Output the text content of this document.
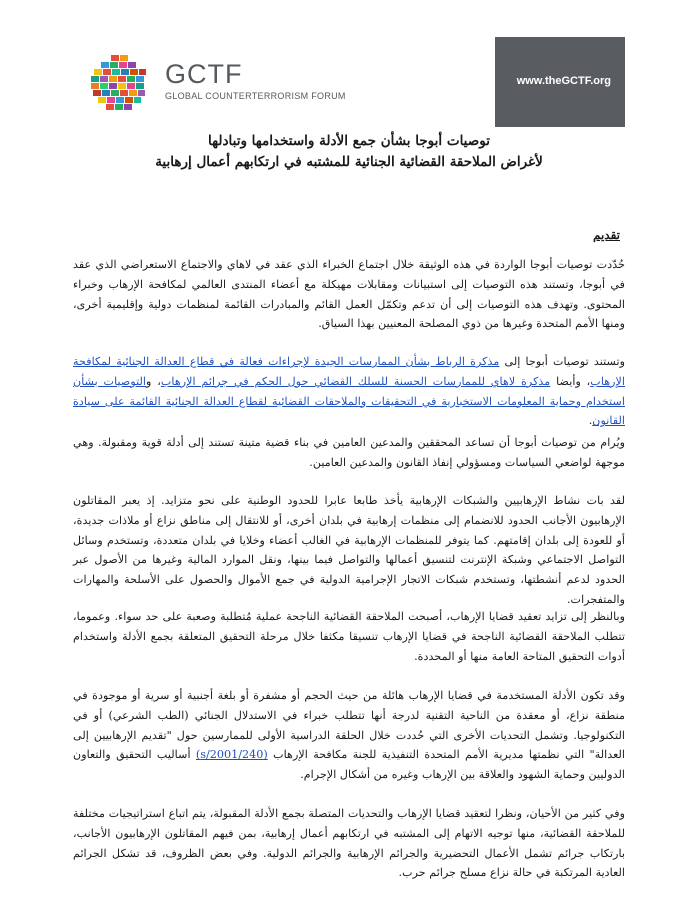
GCTF
GLOBAL COUNTERTERRORISM FORUM
www.theGCTF.org
توصيات أبوجا بشأن جمع الأدلة واستخدامها وتبادلها
لأغراض الملاحقة القضائية الجنائية للمشتبه في ارتكابهم أعمال إرهابية
تقديم

حُدّدت توصيات أبوجا الواردة في هذه الوثيقة خلال اجتماع الخبراء الذي عقد في لاهاي والاجتماع الاستعراضي الذي عقد في أبوجا، وتستند هذه التوصيات إلى استبيانات ومقابلات مهيكلة مع أعضاء المنتدى العالمي لمكافحة الإرهاب وخبراء المحتوى. وتهدف هذه التوصيات إلى أن تدعم وتكمّل العمل القائم والمبادرات القائمة لمنظمات دولية وإقليمية أخرى، ومنها الأمم المتحدة وغيرها من ذوي المصلحة المعنيين بهذا السياق.

وتستند توصيات أبوجا إلى مذكرة الرباط بشأن الممارسات الجيدة لإجراءات فعالة في قطاع العدالة الجنائية لمكافحة الإرهاب، وأيضا مذكرة لاهاي للممارسات الحسنة للسلك القضائي حول الحكم في جرائم الإرهاب، والتوصيات بشأن استخدام وحماية المعلومات الاستخبارية في التحقيقات والملاحقات القضائية لقطاع العدالة الجنائية القائمة على سيادة القانون.

ويُرام من توصيات أبوجا أن تساعد المحققين والمدعين العامين في بناء قضية متينة تستند إلى أدلة قوية ومقبولة. وهي موجهة لواضعي السياسات ومسؤولي إنفاذ القانون والمدعين العامين.

لقد بات نشاط الإرهابيين والشبكات الإرهابية يأخذ طابعا عابرا للحدود الوطنية على نحو متزايد. إذ يعبر المقاتلون الإرهابيون الأجانب الحدود للانضمام إلى منظمات إرهابية في بلدان أخرى، أو للانتقال إلى مناطق نزاع أو ملاذات جديدة، أو للعودة إلى بلدان إقامتهم. كما يتوفر للمنظمات الإرهابية في الغالب أعضاء وخلايا في بلدان متعددة، وتستخدم وسائل التواصل الاجتماعي وشبكة الإنترنت لتنسيق أعمالها والتواصل فيما بينها، ونقل الموارد المالية وغيرها من الأصول عبر الحدود لدعم أنشطتها، وتستخدم شبكات الاتجار الإجرامية الدولية في جمع الأموال والحصول على الأسلحة والمهارات والمتفجرات.

وبالنظر إلى تزايد تعقيد قضايا الإرهاب، أصبحت الملاحقة القضائية الناجحة عملية مُتطلبة وصعبة على حد سواء. وعموما، تتطلب الملاحقة القضائية الناجحة في قضايا الإرهاب تنسيقا مكثفا خلال مرحلة التحقيق المتعلقة بجمع الأدلة واستخدام أدوات التحقيق المتاحة العامة منها أو المحددة.

وقد تكون الأدلة المستخدمة في قضايا الإرهاب هائلة من حيث الحجم أو مشفرة أو بلغة أجنبية أو سرية أو موجودة في منطقة نزاع، أو معقدة من الناحية التقنية لدرجة أنها تتطلب خبراء في الاستدلال الجنائي (الطب الشرعي) أو في التكنولوجيا. وتشمل التحديات الأخرى التي حُددت خلال الحلقة الدراسية الأولى للممارسين حول "تقديم الإرهابيين إلى العدالة" التي نظمتها مديرية الأمم المتحدة التنفيذية للجنة مكافحة الإرهاب (s/2001/240) أساليب التحقيق والتعاون الدوليين وحماية الشهود والعلاقة بين الإرهاب وغيره من أشكال الإجرام.

وفي كثير من الأحيان، ونظرا لتعقيد قضايا الإرهاب والتحديات المتصلة بجمع الأدلة المقبولة، يتم اتباع استراتيجيات مختلفة للملاحقة القضائية، منها توجيه الاتهام إلى المشتبه في ارتكابهم أعمال إرهابية، بمن فيهم المقاتلون الإرهابيون الأجانب، بارتكاب جرائم تشمل الأعمال التحضيرية والجرائم الإرهابية والجرائم الدولية. وفي بعض الظروف، قد تشكل الجرائم العادية المرتكبة في حالة نزاع مسلح جرائم حرب.
